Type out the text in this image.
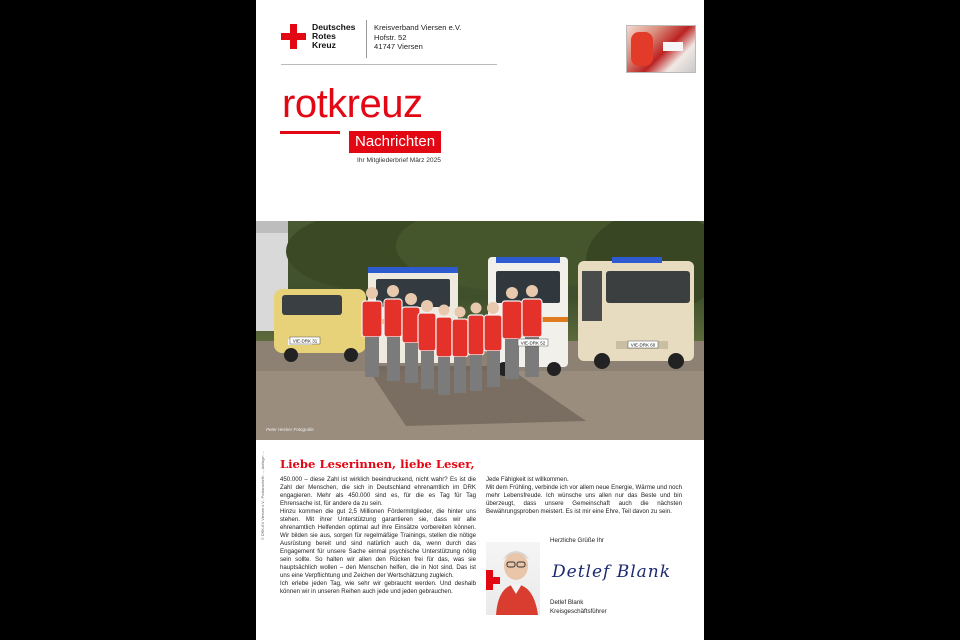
Deutsches
Rotes
Kreuz
Kreisverband Viersen e.V.
Hofstr. 52
41747 Viersen
rotkreuz
Nachrichten
Ihr Mitgliederbrief März 2025
VIE-DRK 31	VIE-DRK 52	VIE-DRK 60
Peter Hecker Fotografie
© DRK-KV Viersen e.V., Postanschrift: ..., Auflage: ... Liebe Leserinnen, liebe Leser,

450.000 – diese Zahl ist wirklich beeindruckend, nicht wahr? Es ist die Zahl der Menschen, die sich in Deutschland ehrenamtlich im DRK engagieren. Mehr als 450.000 sind es, für die es Tag für Tag Ehrensache ist, für andere da zu sein.

Hinzu kommen die gut 2,5 Millionen Fördermitglieder, die hinter uns stehen. Mit ihrer Unterstützung garantieren sie, dass wir alle ehrenamtlich Helfenden optimal auf ihre Einsätze vorbereiten können. Wir bilden sie aus, sorgen für regelmäßige Trainings, stellen die nötige Ausrüstung bereit und sind natürlich auch da, wenn durch das Engagement für unsere Sache einmal psychische Unterstützung nötig sein sollte. So halten wir allen den Rücken frei für das, was sie hauptsächlich wollen – den Menschen helfen, die in Not sind. Das ist uns eine Verpflichtung und Zeichen der Wertschätzung zugleich.

Ich erlebe jeden Tag, wie sehr wir gebraucht werden. Und deshalb können wir in unseren Reihen auch jede und jeden gebrauchen.

Jede Fähigkeit ist willkommen.

Mit dem Frühling, verbinde ich vor allem neue Energie, Wärme und noch mehr Lebensfreude. Ich wünsche uns allen nur das Beste und bin überzeugt, dass unsere Gemeinschaft auch die nächsten Bewährungsproben meistert. Es ist mir eine Ehre, Teil davon zu sein.

Herzliche Grüße Ihr
Detlef Blank
Detlef Blank
Kreisgeschäftsführer
